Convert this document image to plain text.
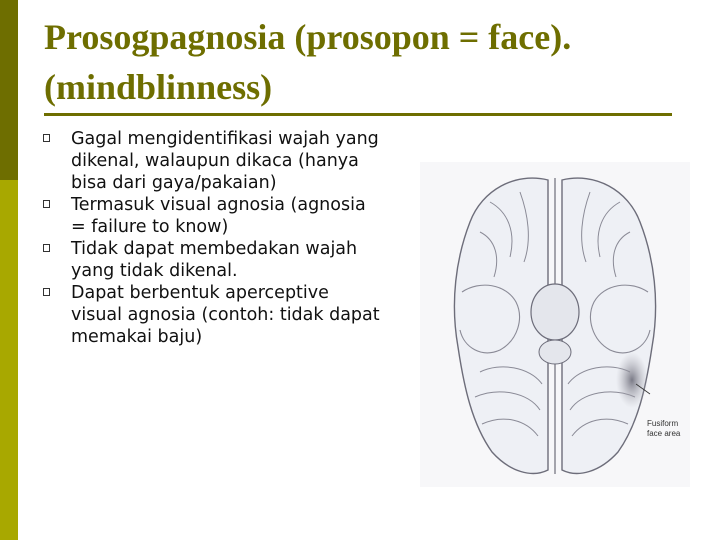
Prosogpagnosia (prosopon = face).
(mindblinness)
Gagal mengidentifikasi wajah yang dikenal, walaupun dikaca (hanya bisa dari gaya/pakaian)
Termasuk visual agnosia (agnosia = failure to know)
Tidak dapat membedakan wajah yang tidak dikenal.
Dapat berbentuk aperceptive visual agnosia (contoh: tidak dapat memakai baju)
Fusiform
face area
